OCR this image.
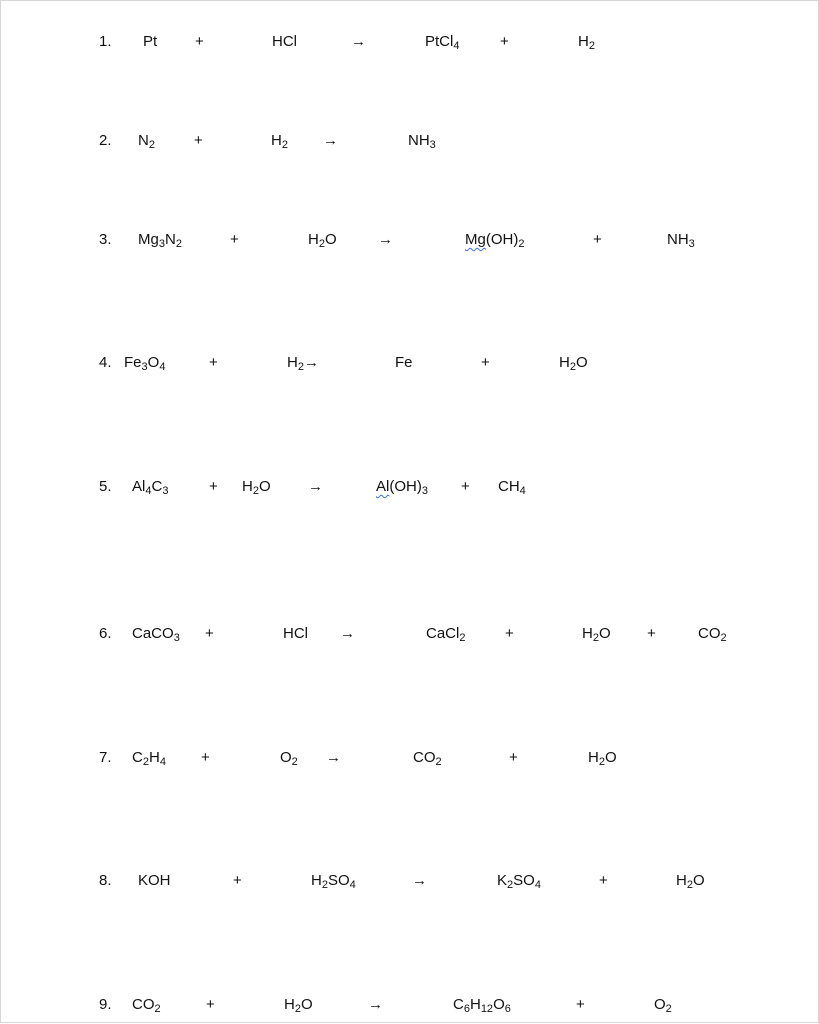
1. Pt	+	HCl	→	PtCl$_4$	+	$H_2$
2. $N_2$	+	$H_2$ →	$NH_3$
3. $Mg_3N_2$	+	$H_2O$	→	$Mg(OH)_2$	+	$NH_3$
4. $Fe_3O_4$	+	$H_2\to$	Fe	+	$H_2O$
5. $Al_4C_3$	+ $H_2O$ →	$Al(OH)_3 + CH_4$
6. CaCO$_3$ +	HCl →	CaCl$_2$	+	$H_2O$ +	$CO_2$
7. $C_2H_4$ +	$O_2$ →	$CO_2$	+	$H_2O$
8. KOH	+	$H_2SO_4$	→	$K_2SO_4$	+	$H_2O$
9. $CO_2$	+	$H_2O$	→	$C_6H_{12}O_6$	+	$O_2$
